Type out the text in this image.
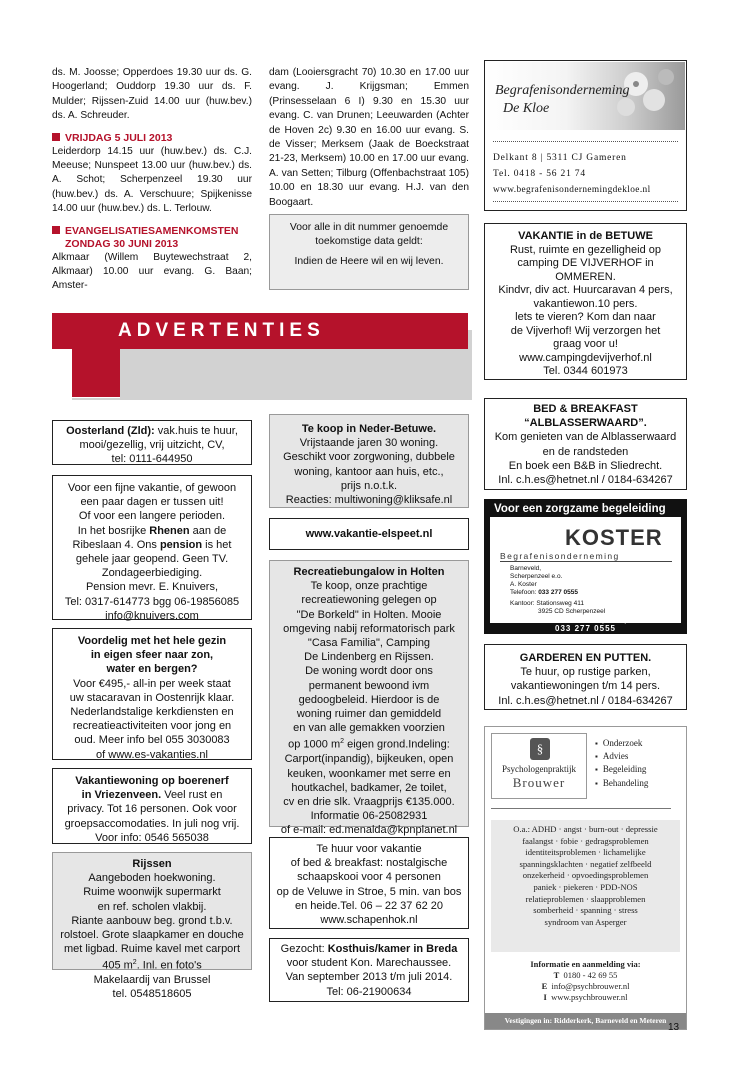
ds. M. Joosse; Opperdoes 19.30 uur ds. G. Hoogerland; Ouddorp 19.30 uur ds. F. Mulder; Rijssen-Zuid 14.00 uur (huw.bev.) ds. A. Schreuder.

VRIJDAG 5 JULI 2013

Leiderdorp 14.15 uur (huw.bev.) ds. C.J. Meeuse; Nunspeet 13.00 uur (huw.bev.) ds. A. Schot; Scherpenzeel 19.30 uur (huw.bev.) ds. A. Verschuure; Spijkenisse 14.00 uur (huw.bev.) ds. L. Terlouw.

EVANGELISATIESAMENKOMSTEN
ZONDAG 30 JUNI 2013

Alkmaar (Willem Buytewechstraat 2, Alkmaar) 10.00 uur evang. G. Baan; Amster-

dam (Looiersgracht 70) 10.30 en 17.00 uur evang. J. Krijgsman; Emmen (Prinsesselaan 6 I) 9.30 en 15.30 uur evang. C. van Drunen; Leeuwarden (Achter de Hoven 2c) 9.30 en 16.00 uur evang. S. de Visser; Merksem (Jaak de Boeckstraat 21-23, Merksem) 10.00 en 17.00 uur evang. A. van Setten; Tilburg (Offenbachstraat 105) 10.00 en 18.30 uur evang. H.J. van den Boogaart.

Voor alle in dit nummer genoemde
toekomstige data geldt:
Indien de Heere wil en wij leven.
ADVERTENTIES
Begrafenisonderneming
De Kloe
Delkant 8 | 5311 CJ Gameren
Tel. 0418 - 56 21 74
www.begrafenisondernemingdekloe.nl
VAKANTIE in de BETUWE
Rust, ruimte en gezelligheid op
camping DE VIJVERHOF in
OMMEREN.
Kindvr, div act. Huurcaravan 4 pers,
vakantiewon.10 pers.
lets te vieren? Kom dan naar
de Vijverhof! Wij verzorgen het
graag voor u!
www.campingdevijverhof.nl
Tel. 0344 601973
Oosterland (Zld): vak.huis te huur,
mooi/gezellig, vrij uitzicht, CV,
tel: 0111-644950
Voor een fijne vakantie, of gewoon
een paar dagen er tussen uit!
Of voor een langere perioden.
In het bosrijke Rhenen aan de
Ribeslaan 4. Ons pension is het
gehele jaar geopend. Geen TV.
Zondageerbiediging.
Pension mevr. E. Knuivers,
Tel: 0317-614773 bgg 06-19856085
info@knuivers.com
Voordelig met het hele gezin
in eigen sfeer naar zon,
water en bergen?
Voor €495,- all-in per week staat
uw stacaravan in Oostenrijk klaar.
Nederlandstalige kerkdiensten en
recreatieactiviteiten voor jong en
oud. Meer info bel 055 3030083
of www.es-vakanties.nl
Vakantiewoning op boerenerf
in Vriezenveen. Veel rust en
privacy. Tot 16 personen. Ook voor
groepsaccomodaties. In juli nog vrij.
Voor info: 0546 565038
Rijssen
Aangeboden hoekwoning.
Ruime woonwijk supermarkt
en ref. scholen vlakbij.
Riante aanbouw beg. grond t.b.v.
rolstoel. Grote slaapkamer en douche
met ligbad. Ruime kavel met carport
405 $m^2$. Inl. en foto's
Makelaardij van Brussel
tel. 0548518605
Te koop in Neder-Betuwe.
Vrijstaande jaren 30 woning.
Geschikt voor zorgwoning, dubbele
woning, kantoor aan huis, etc.,
prijs n.o.t.k.
Reacties: multiwoning@kliksafe.nl
www.vakantie-elspeet.nl
Recreatiebungalow in Holten
Te koop, onze prachtige
recreatiewoning gelegen op
"De Borkeld" in Holten. Mooie
omgeving nabij reformatorisch park
"Casa Familia", Camping
De Lindenberg en Rijssen.
De woning wordt door ons
permanent bewoond ivm
gedoogbeleid. Hierdoor is de
woning ruimer dan gemiddeld
en van alle gemakken voorzien
op 1000 $m^2$ eigen grond.Indeling:
Carport(inpandig), bijkeuken, open
keuken, woonkamer met serre en
houtkachel, badkamer, 2e toilet,
cv en drie slk. Vraagprijs €135.000.
Informatie 06-25082931
of e-mail: ed.menalda@kpnplanet.nl
Te huur voor vakantie
of bed & breakfast: nostalgische
schaapskooi voor 4 personen
op de Veluwe in Stroe, 5 min. van bos
en heide.Tel. 06 – 22 37 62 20
www.schapenhok.nl
Gezocht: Kosthuis/kamer in Breda
voor student Kon. Marechaussee.
Van september 2013 t/m juli 2014.
Tel: 06-21900634
BED & BREAKFAST
“ALBLASSERWAARD”.
Kom genieten van de Alblasserwaard
en de randsteden
En boek een B&B in Sliedrecht.
Inl. c.h.es@hetnet.nl / 0184-634267
Voor een zorgzame begeleiding
KOSTER
Begrafenisonderneming
Barneveld,
Scherpenzeel e.o.
A. Koster
Telefoon: 033 277 0555
Kantoor: Stationsweg 411
3925 CD Scherpenzeel
Centraal nummer (24 uur):
033 277 0555
GARDEREN EN PUTTEN.
Te huur, op rustige parken,
vakantiewoningen t/m 14 pers.
Inl. c.h.es@hetnet.nl / 0184-634267
§
Psychologenpraktijk
Brouwer
▪ Onderzoek
▪ Advies
▪ Begeleiding
▪ Behandeling
O.a.: ADHD · angst · burn-out · depressie
faalangst · fobie · gedragsproblemen
identiteitsproblemen · lichamelijke
spanningsklachten · negatief zelfbeeld
onzekerheid · opvoedingsproblemen
paniek · piekeren · PDD-NOS
relatieproblemen · slaapproblemen
somberheid · spanning · stress
syndroom van Asperger
Informatie en aanmelding via:
T 0180 - 42 69 55
E info@psychbrouwer.nl
I www.psychbrouwer.nl
Vestigingen in: Ridderkerk, Barneveld en Meteren
13
